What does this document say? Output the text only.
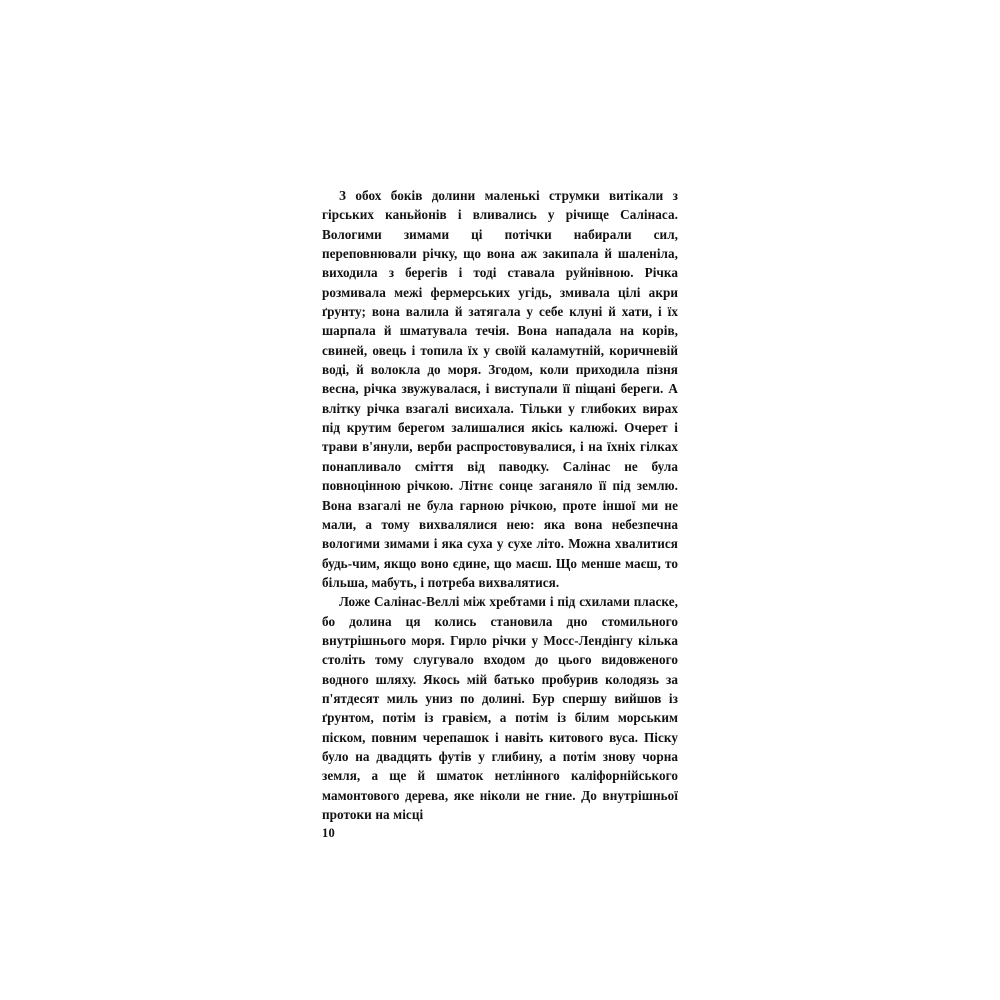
З обох боків долини маленькі струмки витікали з гірських каньйонів і вливались у річище Салінаса. Вологими зимами ці потічки набирали сил, переповнювали річку, що вона аж закипала й шаленіла, виходила з берегів і тоді ставала руйнівною. Річка розмивала межі фермерських угідь, змивала цілі акри ґрунту; вона валила й затягала у себе клуні й хати, і їх шарпала й шматувала течія. Вона нападала на корів, свиней, овець і топила їх у своїй каламутній, коричневій воді, й волокла до моря. Згодом, коли приходила пізня весна, річка звужувалася, і виступали її піщані береги. А влітку річка взагалі висихала. Тільки у глибоких вирах під крутим берегом залишалися якісь калюжі. Очерет і трави в'янули, верби распростовувалися, і на їхніх гілках понапливало сміття від паводку. Салінас не була повноцінною річкою. Літнє сонце заганяло її під землю. Вона взагалі не була гарною річкою, проте іншої ми не мали, а тому вихвалялися нею: яка вона небезпечна вологими зимами і яка суха у сухе літо. Можна хвалитися будь-чим, якщо воно єдине, що маєш. Що менше маєш, то більша, мабуть, і потреба вихвалятися.

Ложе Салінас-Веллі між хребтами і під схилами пласке, бо долина ця колись становила дно стомильного внутрішнього моря. Гирло річки у Мосс-Лендінгу кілька століть тому слугувало входом до цього видовженого водного шляху. Якось мій батько пробурив колодязь за п'ятдесят миль униз по долині. Бур спершу вийшов із ґрунтом, потім із гравієм, а потім із білим морським піском, повним черепашок і навіть китового вуса. Піску було на двадцять футів у глибину, а потім знову чорна земля, а ще й шматок нетлінного каліфорнійського мамонтового дерева, яке ніколи не гние. До внутрішньої протоки на місці

10
